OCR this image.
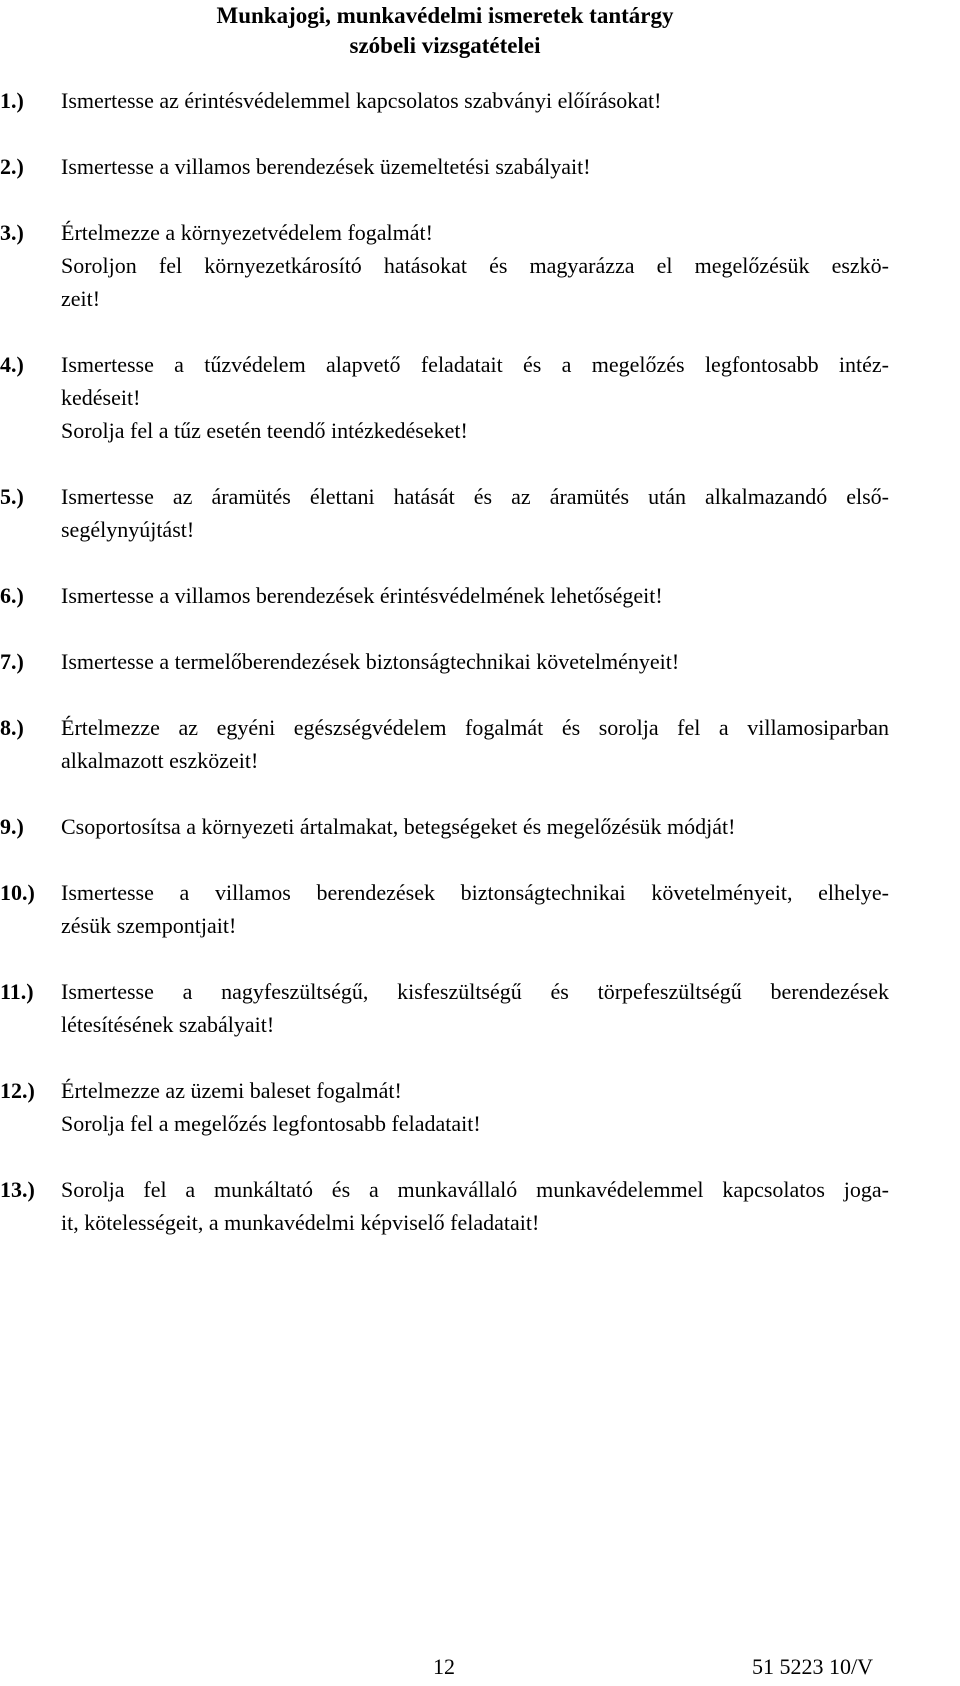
Munkajogi, munkavédelmi ismeretek tantárgy
szóbeli vizsgatételei
1.) Ismertesse az érintésvédelemmel kapcsolatos szabványi előírásokat!
2.) Ismertesse a villamos berendezések üzemeltetési szabályait!
3.) Értelmezze a környezetvédelem fogalmát!
Soroljon fel környezetkárosító hatásokat és magyarázza el megelőzésük eszkö-
zeit!
4.) Ismertesse a tűzvédelem alapvető feladatait és a megelőzés legfontosabb intéz-
kedéseit!
Sorolja fel a tűz esetén teendő intézkedéseket!
5.) Ismertesse az áramütés élettani hatását és az áramütés után alkalmazandó első-
segélynyújtást!
6.) Ismertesse a villamos berendezések érintésvédelmének lehetőségeit!
7.) Ismertesse a termelőberendezések biztonságtechnikai követelményeit!
8.) Értelmezze az egyéni egészségvédelem fogalmát és sorolja fel a villamosiparban
alkalmazott eszközeit!
9.) Csoportosítsa a környezeti ártalmakat, betegségeket és megelőzésük módját!
10.) Ismertesse a villamos berendezések biztonságtechnikai követelményeit, elhelye-
zésük szempontjait!
11.) Ismertesse a nagyfeszültségű, kisfeszültségű és törpefeszültségű berendezések
létesítésének szabályait!
12.) Értelmezze az üzemi baleset fogalmát!
Sorolja fel a megelőzés legfontosabb feladatait!
13.) Sorolja fel a munkáltató és a munkavállaló munkavédelemmel kapcsolatos joga-
it, kötelességeit, a munkavédelmi képviselő feladatait!
12	51 5223 10/V
